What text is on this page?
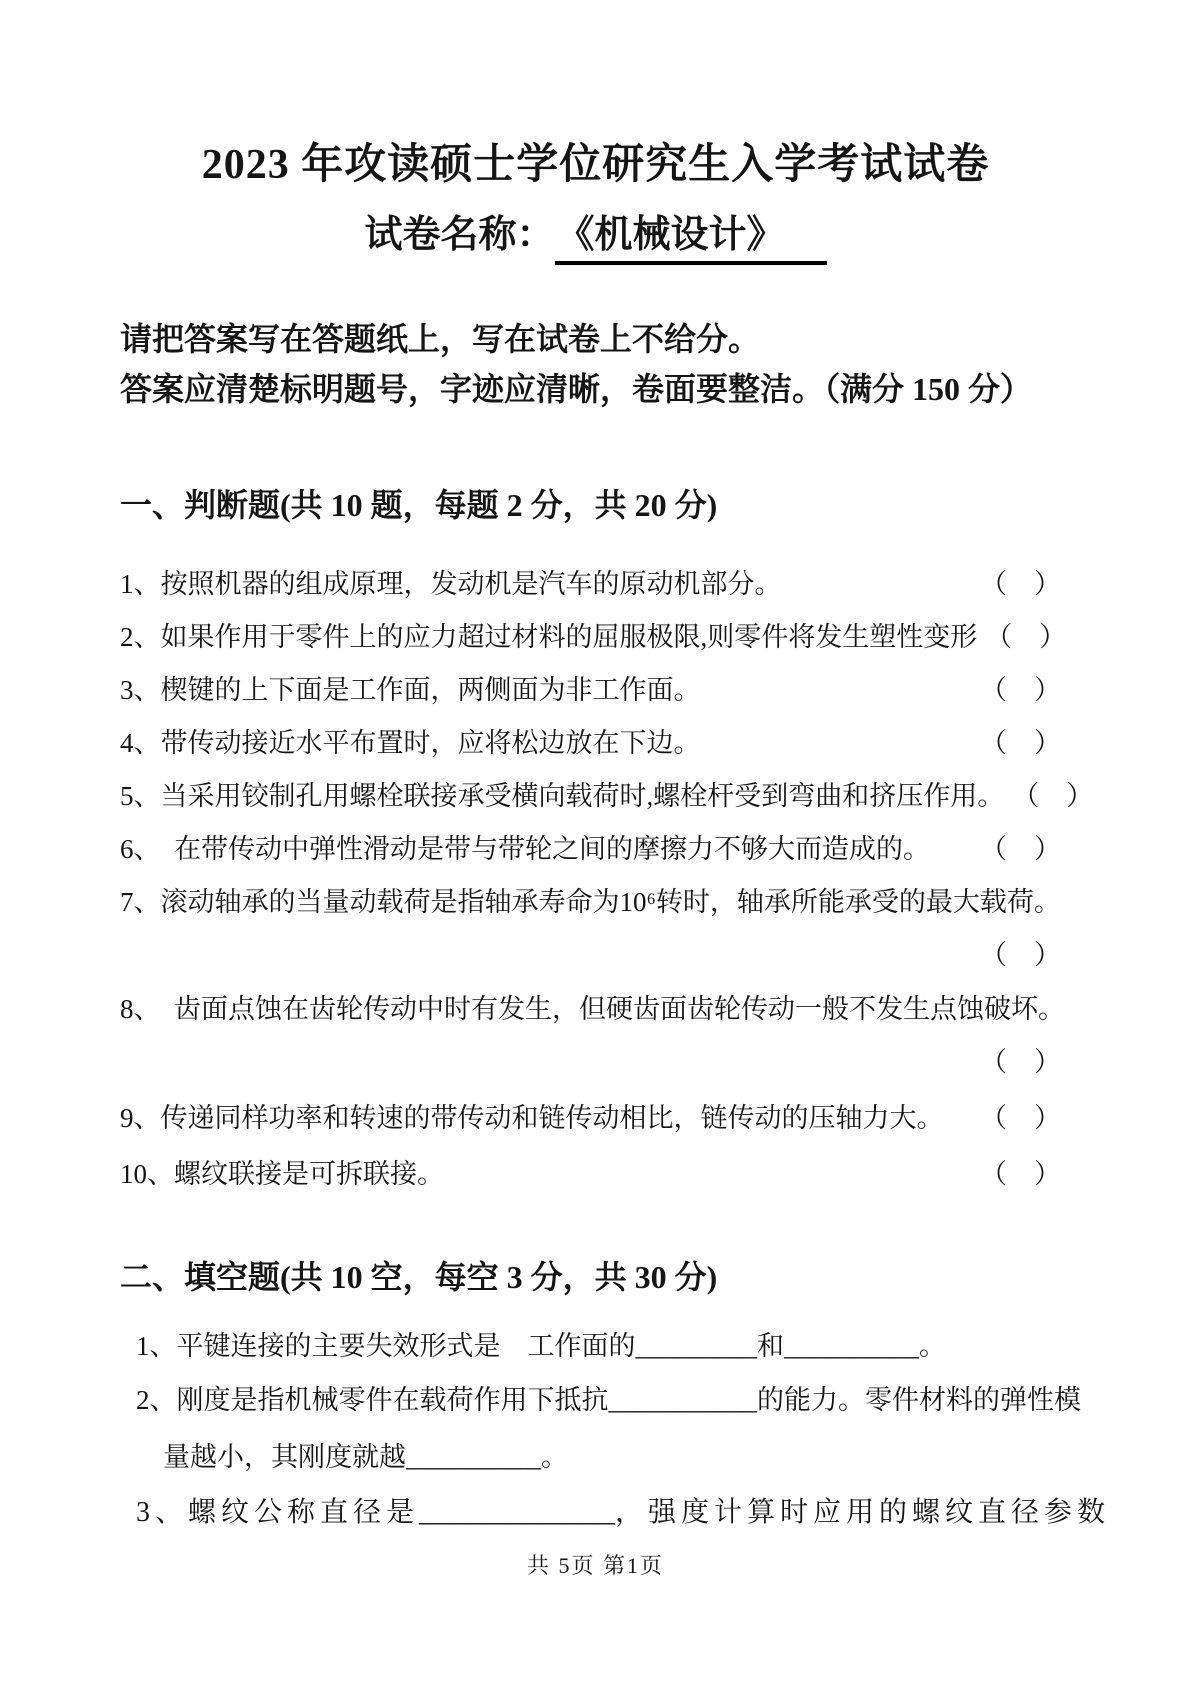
2023 年攻读硕士学位研究生入学考试试卷
试卷名称：《机械设计》
请把答案写在答题纸上，写在试卷上不给分。
答案应清楚标明题号，字迹应清晰，卷面要整洁。（满分 150 分）
一、判断题(共 10 题，每题 2 分，共 20 分)
1、按照机器的组成原理，发动机是汽车的原动机部分。	（　）
2、如果作用于零件上的应力超过材料的屈服极限,则零件将发生塑性变形 （　）
3、楔键的上下面是工作面，两侧面为非工作面。	（　）
4、带传动接近水平布置时，应将松边放在下边。	（　）
5、当采用铰制孔用螺栓联接承受横向载荷时,螺栓杆受到弯曲和挤压作用。 （　）
6、　在带传动中弹性滑动是带与带轮之间的摩擦力不够大而造成的。 （　）
7、滚动轴承的当量动载荷是指轴承寿命为10⁶转时，轴承所能承受的最大载荷。
（　）
8、　齿面点蚀在齿轮传动中时有发生，但硬齿面齿轮传动一般不发生点蚀破坏。
（　）
9、传递同样功率和转速的带传动和链传动相比，链传动的压轴力大。 （　）
10、螺纹联接是可拆联接。	（　）
二、填空题(共 10 空，每空 3 分，共 30 分)
1、平键连接的主要失效形式是　工作面的_________和__________。
2、刚度是指机械零件在载荷作用下抵抗___________的能力。零件材料的弹性模
量越小，其刚度就越__________。
3、螺纹公称直径是______________，强度计算时应用的螺纹直径参数
共 5页 第1页
